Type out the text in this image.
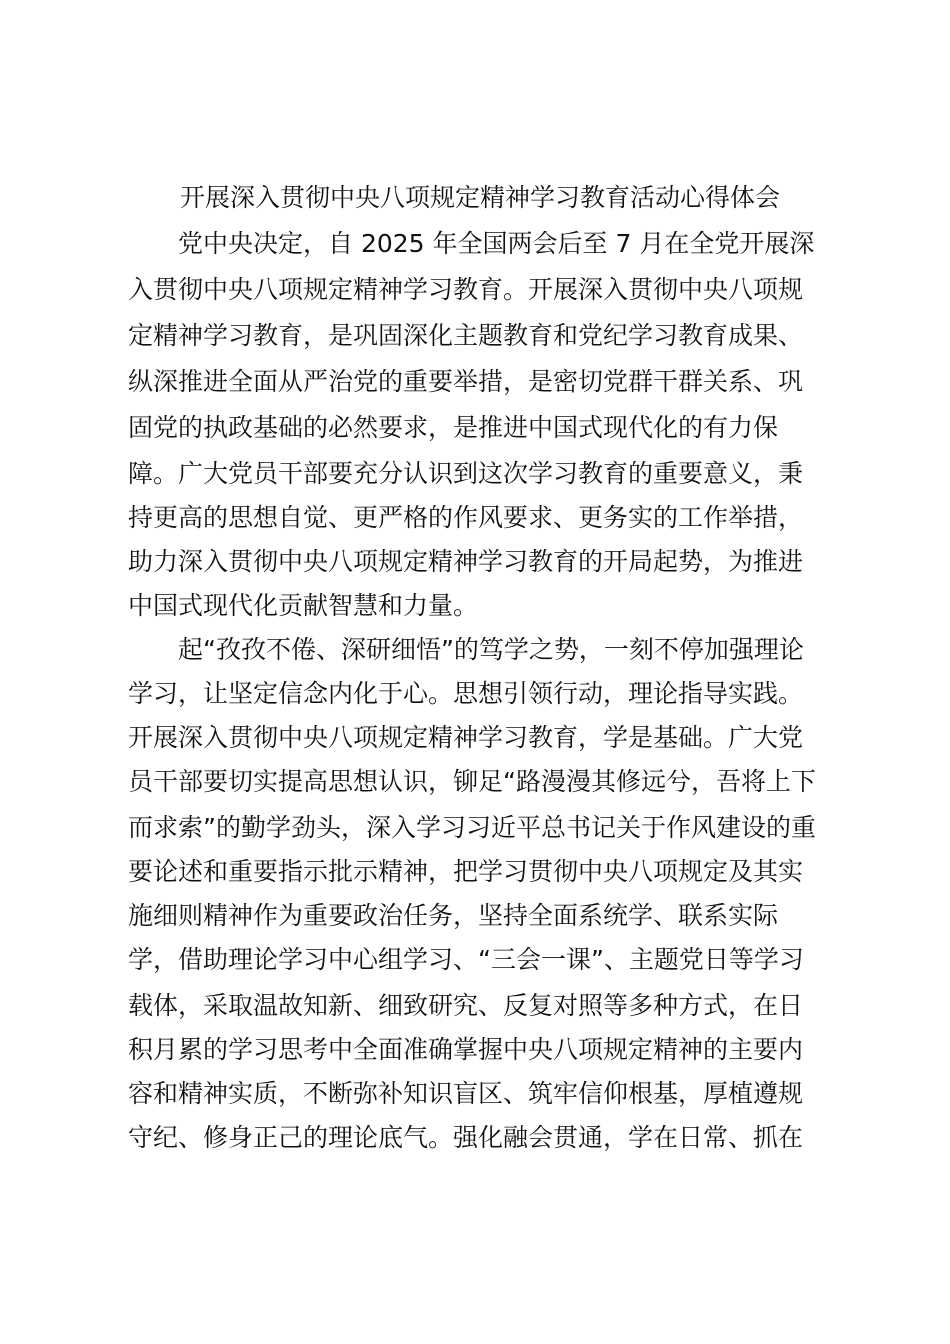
开展深入贯彻中央八项规定精神学习教育活动心得体会

党中央决定，自 2025 年全国两会后至 7 月在全党开展深

入贯彻中央八项规定精神学习教育。开展深入贯彻中央八项规

定精神学习教育，是巩固深化主题教育和党纪学习教育成果、

纵深推进全面从严治党的重要举措，是密切党群干群关系、巩

固党的执政基础的必然要求，是推进中国式现代化的有力保

障。广大党员干部要充分认识到这次学习教育的重要意义，秉

持更高的思想自觉、更严格的作风要求、更务实的工作举措，

助力深入贯彻中央八项规定精神学习教育的开局起势，为推进

中国式现代化贡献智慧和力量。

起“孜孜不倦、深研细悟”的笃学之势，一刻不停加强理论

学习，让坚定信念内化于心。思想引领行动，理论指导实践。

开展深入贯彻中央八项规定精神学习教育，学是基础。广大党

员干部要切实提高思想认识，铆足“路漫漫其修远兮，吾将上下

而求索”的勤学劲头，深入学习习近平总书记关于作风建设的重

要论述和重要指示批示精神，把学习贯彻中央八项规定及其实

施细则精神作为重要政治任务，坚持全面系统学、联系实际

学，借助理论学习中心组学习、“三会一课”、主题党日等学习

载体，采取温故知新、细致研究、反复对照等多种方式，在日

积月累的学习思考中全面准确掌握中央八项规定精神的主要内

容和精神实质，不断弥补知识盲区、筑牢信仰根基，厚植遵规

守纪、修身正己的理论底气。强化融会贯通，学在日常、抓在
